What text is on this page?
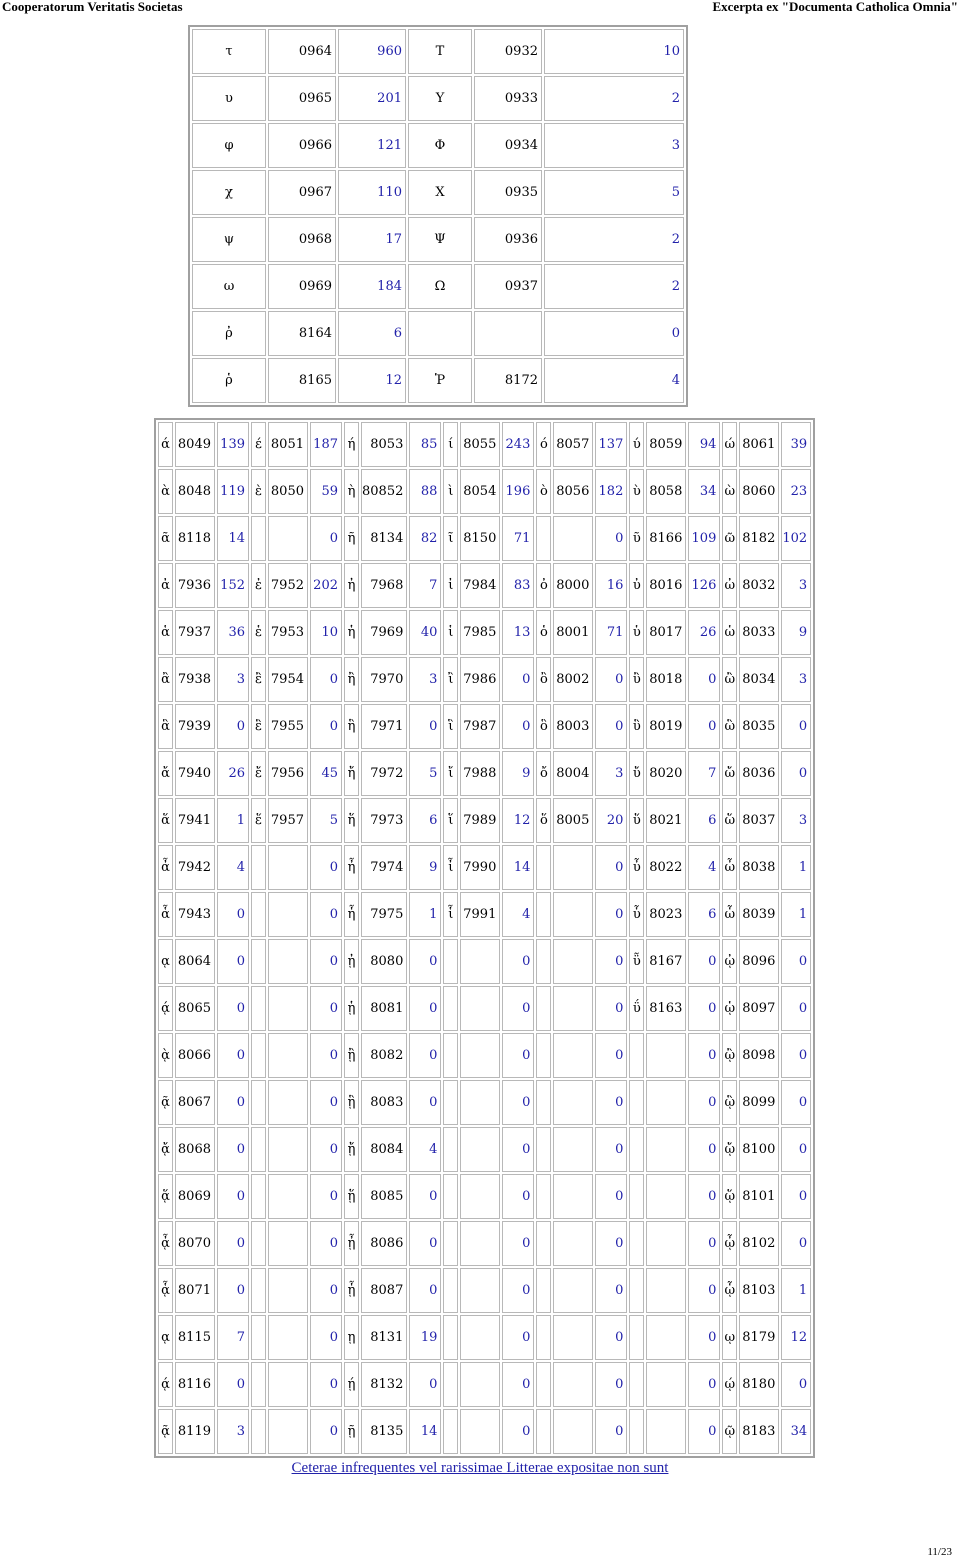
Cooperatorum Veritatis Societas	Excerpta ex "Documenta Catholica Omnia"
τ	0964	960	Τ	0932	10
υ	0965	201	Υ	0933	2
φ	0966	121	Φ	0934	3
χ	0967	110	Χ	0935	5
ψ	0968	17	Ψ	0936	2
ω	0969	184	Ω	0937	2
ῤ	8164	6			0
ῥ	8165	12	Ῥ	8172	4
ά	8049	139	έ	8051	187	ή	8053	85	ί	8055	243	ό	8057	137	ύ	8059	94	ώ	8061	39
ὰ	8048	119	ὲ	8050	59	ὴ	80852	88	ὶ	8054	196	ὸ	8056	182	ὺ	8058	34	ὼ	8060	23
ᾶ	8118	14			0	ῆ	8134	82	ῖ	8150	71			0	ῦ	8166	109	ῶ	8182	102
ἀ	7936	152	ἐ	7952	202	ἠ	7968	7	ἰ	7984	83	ὀ	8000	16	ὐ	8016	126	ὠ	8032	3
ἁ	7937	36	ἑ	7953	10	ἡ	7969	40	ἱ	7985	13	ὁ	8001	71	ὑ	8017	26	ὡ	8033	9
ἂ	7938	3	ἒ	7954	0	ἢ	7970	3	ἲ	7986	0	ὂ	8002	0	ὒ	8018	0	ὢ	8034	3
ἃ	7939	0	ἓ	7955	0	ἣ	7971	0	ἳ	7987	0	ὃ	8003	0	ὓ	8019	0	ὣ	8035	0
ἄ	7940	26	ἔ	7956	45	ἤ	7972	5	ἴ	7988	9	ὄ	8004	3	ὔ	8020	7	ὤ	8036	0
ἅ	7941	1	ἕ	7957	5	ἥ	7973	6	ἵ	7989	12	ὅ	8005	20	ὕ	8021	6	ὥ	8037	3
ἆ	7942	4			0	ἦ	7974	9	ἶ	7990	14			0	ὖ	8022	4	ὦ	8038	1
ἇ	7943	0			0	ἧ	7975	1	ἷ	7991	4			0	ὗ	8023	6	ὧ	8039	1
ᾳ	8064	0			0	ᾐ	8080	0			0			0	ῧ	8167	0	ᾠ	8096	0
ᾴ	8065	0			0	ᾑ	8081	0			0			0	ΰ	8163	0	ᾡ	8097	0
ᾲ	8066	0			0	ᾒ	8082	0			0			0			0	ᾢ	8098	0
ᾷ	8067	0			0	ᾓ	8083	0			0			0			0	ᾣ	8099	0
ᾄ	8068	0			0	ᾔ	8084	4			0			0			0	ᾤ	8100	0
ᾅ	8069	0			0	ᾕ	8085	0			0			0			0	ᾥ	8101	0
ᾆ	8070	0			0	ᾖ	8086	0			0			0			0	ᾦ	8102	0
ᾇ	8071	0			0	ᾗ	8087	0			0			0			0	ᾧ	8103	1
ᾳ	8115	7			0	ῃ	8131	19			0			0			0	ῳ	8179	12
ᾴ	8116	0			0	ῄ	8132	0			0			0			0	ῴ	8180	0
ᾷ	8119	3			0	ῇ	8135	14			0			0			0	ῷ	8183	34
Ceterae infrequentes vel rarissimae Litterae expositae non sunt
11/23
